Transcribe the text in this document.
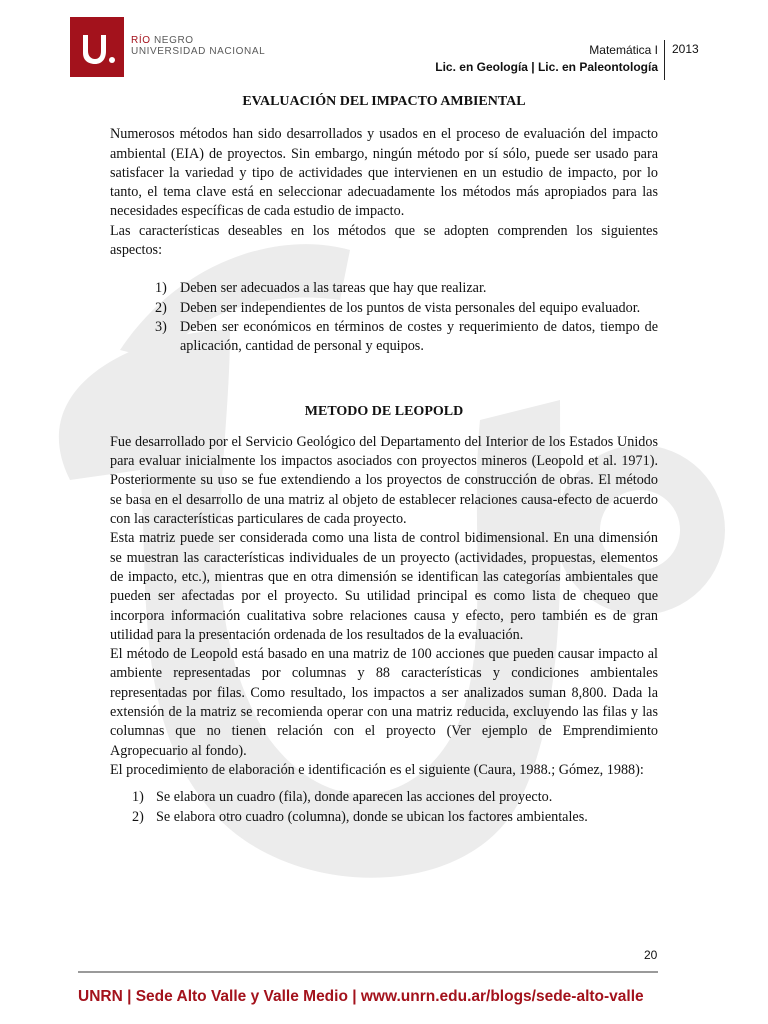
RÍO NEGRO
UNIVERSIDAD NACIONAL	Matemática I
Lic. en Geología | Lic. en Paleontología
2013
EVALUACIÓN DEL IMPACTO AMBIENTAL

Numerosos métodos han sido desarrollados y usados en el proceso de evaluación del impacto ambiental (EIA) de proyectos. Sin embargo, ningún método por sí sólo, puede ser usado para satisfacer la variedad y tipo de actividades que intervienen en un estudio de impacto, por lo tanto, el tema clave está en seleccionar adecuadamente los métodos más apropiados para las necesidades específicas de cada estudio de impacto.

Las características deseables en los métodos que se adopten comprenden los siguientes aspectos:

1) Deben ser adecuados a las tareas que hay que realizar.
2) Deben ser independientes de los puntos de vista personales del equipo evaluador.
3) Deben ser económicos en términos de costes y requerimiento de datos, tiempo de aplicación, cantidad de personal y equipos.
METODO DE LEOPOLD

Fue desarrollado por el Servicio Geológico del Departamento del Interior de los Estados Unidos para evaluar inicialmente los impactos asociados con proyectos mineros (Leopold et al. 1971). Posteriormente su uso se fue extendiendo a los proyectos de construcción de obras. El método se basa en el desarrollo de una matriz al objeto de establecer relaciones causa-efecto de acuerdo con las características particulares de cada proyecto.

Esta matriz puede ser considerada como una lista de control bidimensional. En una dimensión se muestran las características individuales de un proyecto (actividades, propuestas, elementos de impacto, etc.), mientras que en otra dimensión se identifican las categorías ambientales que pueden ser afectadas por el proyecto. Su utilidad principal es como lista de chequeo que incorpora información cualitativa sobre relaciones causa y efecto, pero también es de gran utilidad para la presentación ordenada de los resultados de la evaluación.

El método de Leopold está basado en una matriz de 100 acciones que pueden causar impacto al ambiente representadas por columnas y 88 características y condiciones ambientales representadas por filas. Como resultado, los impactos a ser analizados suman 8,800. Dada la extensión de la matriz se recomienda operar con una matriz reducida, excluyendo las filas y las columnas que no tienen relación con el proyecto (Ver ejemplo de Emprendimiento Agropecuario al fondo).

El procedimiento de elaboración e identificación es el siguiente (Caura, 1988.; Gómez, 1988):

1) Se elabora un cuadro (fila), donde aparecen las acciones del proyecto.
2) Se elabora otro cuadro (columna), donde se ubican los factores ambientales.
20
UNRN | Sede Alto Valle y Valle Medio | www.unrn.edu.ar/blogs/sede-alto-valle
